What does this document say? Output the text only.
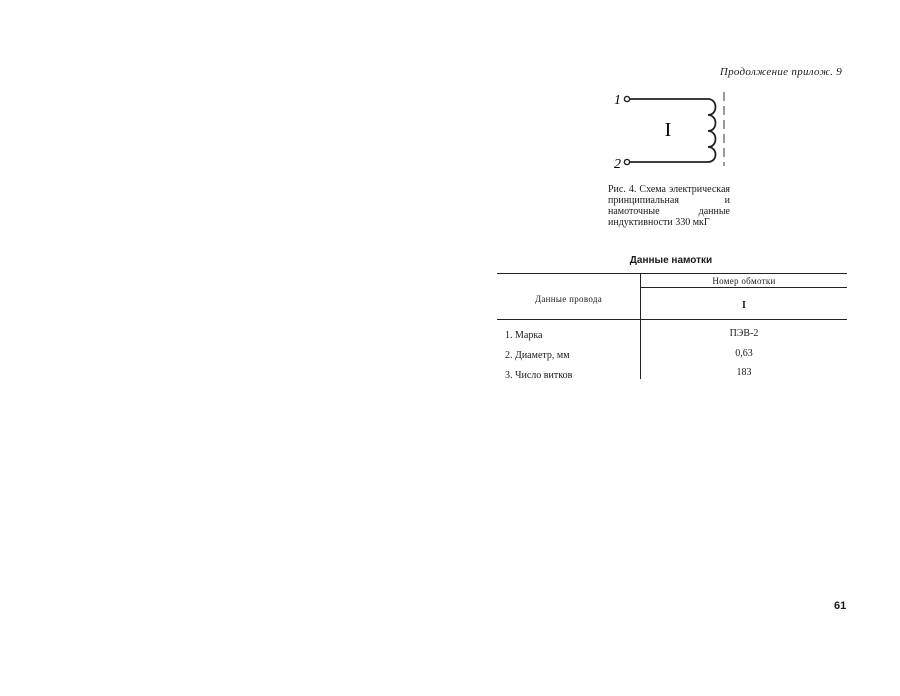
Продолжение прилож. 9
1
2
I
Рис. 4. Схема электрическая принципиальная и намоточные данные индуктивности 330 мкГ
Данные намотки
Данные провода
Номер обмотки
I
1. Марка	ПЭВ-2
2. Диаметр, мм	0,63
3. Число витков	183
61
